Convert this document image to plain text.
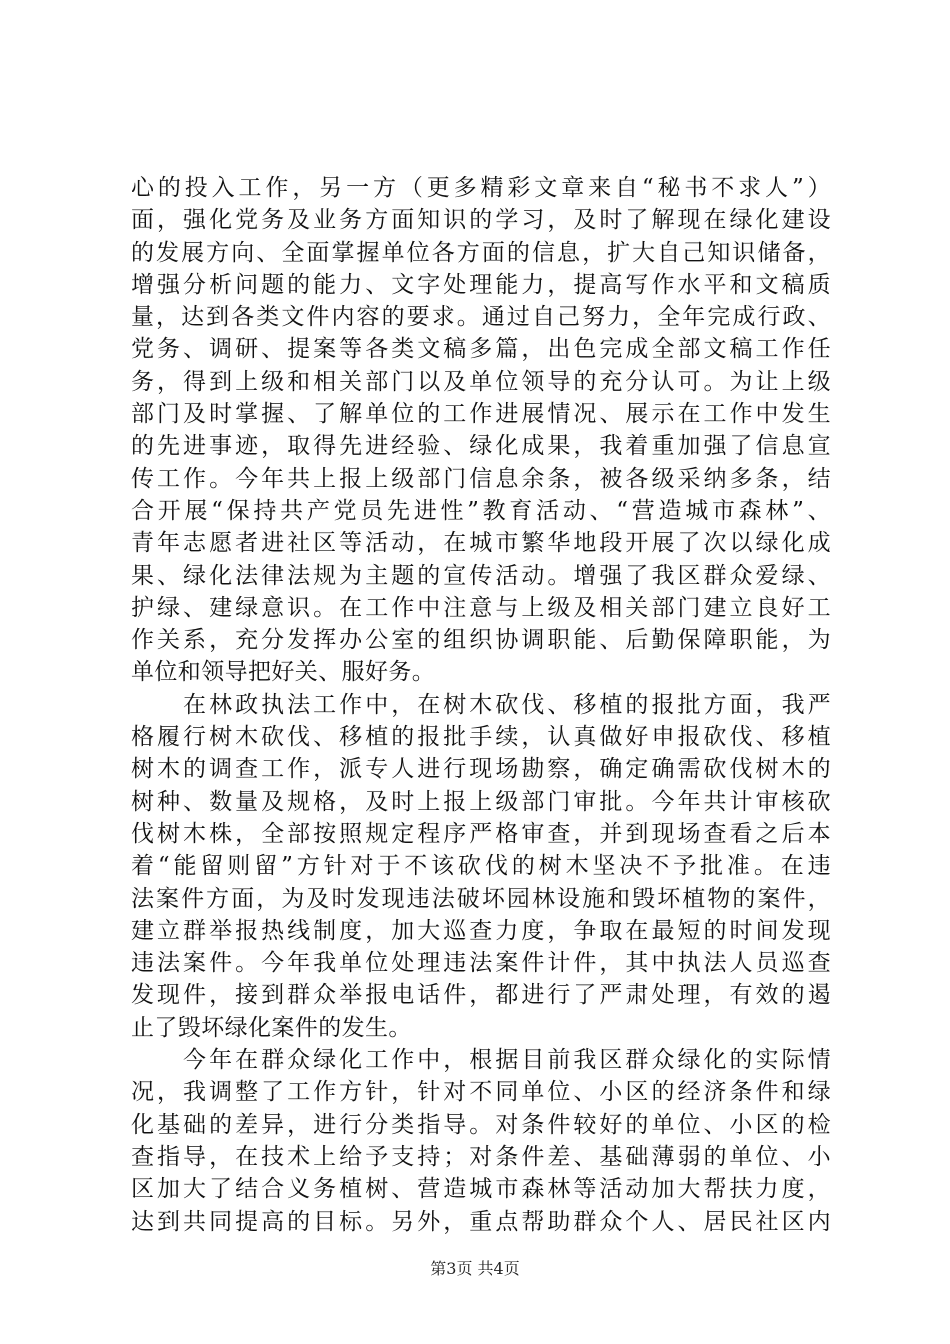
心的投入工作，另一方（更多精彩文章来自“秘书不求人”）
面，强化党务及业务方面知识的学习，及时了解现在绿化建设
的发展方向、全面掌握单位各方面的信息，扩大自己知识储备，
增强分析问题的能力、文字处理能力，提高写作水平和文稿质
量，达到各类文件内容的要求。通过自己努力，全年完成行政、
党务、调研、提案等各类文稿多篇，出色完成全部文稿工作任
务，得到上级和相关部门以及单位领导的充分认可。为让上级
部门及时掌握、了解单位的工作进展情况、展示在工作中发生
的先进事迹，取得先进经验、绿化成果，我着重加强了信息宣
传工作。今年共上报上级部门信息余条，被各级采纳多条，结
合开展“保持共产党员先进性”教育活动、“营造城市森林”、
青年志愿者进社区等活动，在城市繁华地段开展了次以绿化成
果、绿化法律法规为主题的宣传活动。增强了我区群众爱绿、
护绿、建绿意识。在工作中注意与上级及相关部门建立良好工
作关系，充分发挥办公室的组织协调职能、后勤保障职能，为
单位和领导把好关、服好务。
　　在林政执法工作中，在树木砍伐、移植的报批方面，我严
格履行树木砍伐、移植的报批手续，认真做好申报砍伐、移植
树木的调查工作，派专人进行现场勘察，确定确需砍伐树木的
树种、数量及规格，及时上报上级部门审批。今年共计审核砍
伐树木株，全部按照规定程序严格审查，并到现场查看之后本
着“能留则留”方针对于不该砍伐的树木坚决不予批准。在违
法案件方面，为及时发现违法破坏园林设施和毁坏植物的案件，
建立群举报热线制度，加大巡查力度，争取在最短的时间发现
违法案件。今年我单位处理违法案件计件，其中执法人员巡查
发现件，接到群众举报电话件，都进行了严肃处理，有效的遏
止了毁坏绿化案件的发生。
　　今年在群众绿化工作中，根据目前我区群众绿化的实际情
况，我调整了工作方针，针对不同单位、小区的经济条件和绿
化基础的差异，进行分类指导。对条件较好的单位、小区的检
查指导，在技术上给予支持；对条件差、基础薄弱的单位、小
区加大了结合义务植树、营造城市森林等活动加大帮扶力度，
达到共同提高的目标。另外，重点帮助群众个人、居民社区内
第3页 共4页
